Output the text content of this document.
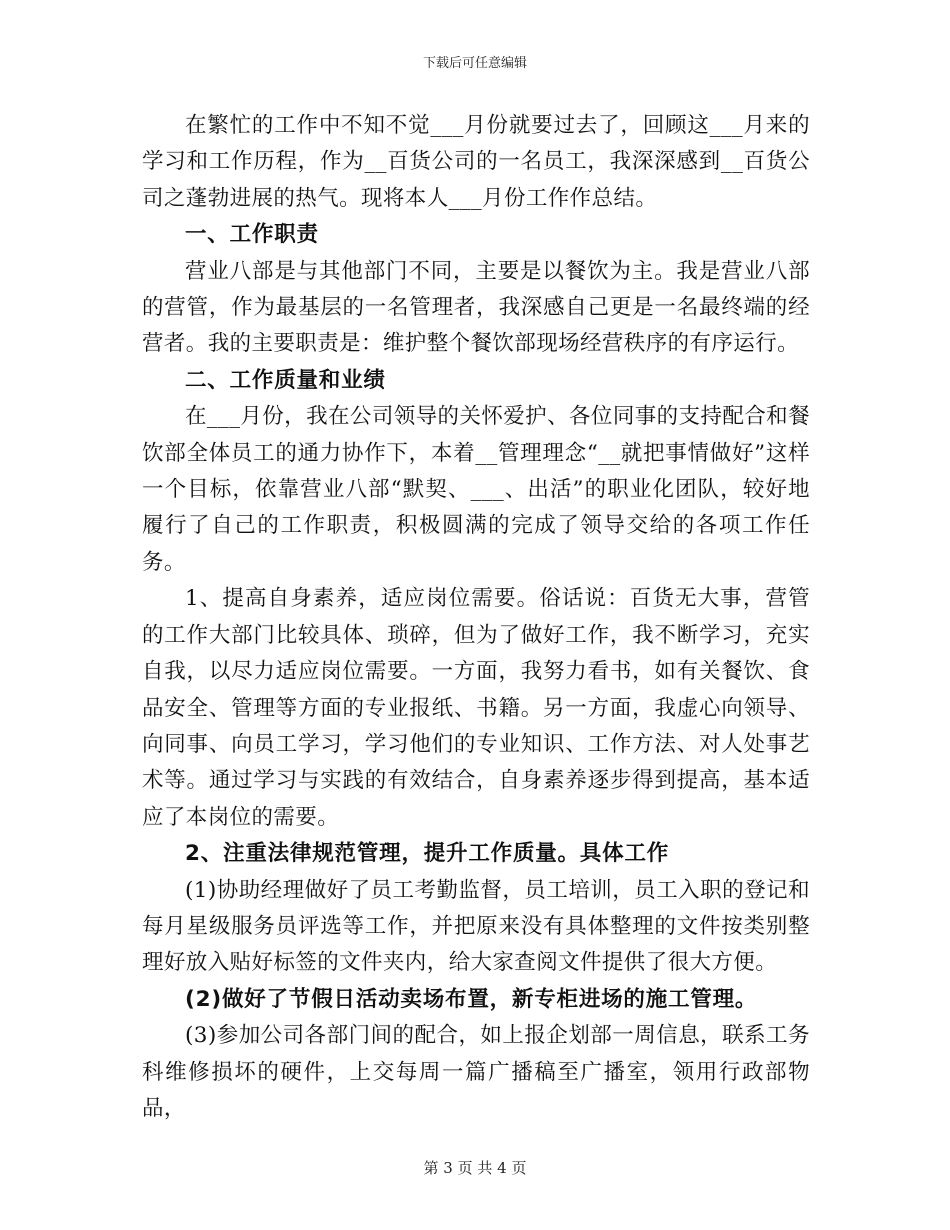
下载后可任意编辑

在繁忙的工作中不知不觉___月份就要过去了，回顾这___月来的学习和工作历程，作为__百货公司的一名员工，我深深感到__百货公司之蓬勃进展的热气。现将本人___月份工作作总结。

一、工作职责

营业八部是与其他部门不同，主要是以餐饮为主。我是营业八部的营管，作为最基层的一名管理者，我深感自己更是一名最终端的经营者。我的主要职责是：维护整个餐饮部现场经营秩序的有序运行。

二、工作质量和业绩

在___月份，我在公司领导的关怀爱护、各位同事的支持配合和餐饮部全体员工的通力协作下，本着__管理理念“__就把事情做好”这样一个目标，依靠营业八部“默契、___、出活”的职业化团队，较好地履行了自己的工作职责，积极圆满的完成了领导交给的各项工作任务。

1、提高自身素养，适应岗位需要。俗话说：百货无大事，营管的工作大部门比较具体、琐碎，但为了做好工作，我不断学习，充实自我，以尽力适应岗位需要。一方面，我努力看书，如有关餐饮、食品安全、管理等方面的专业报纸、书籍。另一方面，我虚心向领导、向同事、向员工学习，学习他们的专业知识、工作方法、对人处事艺术等。通过学习与实践的有效结合，自身素养逐步得到提高，基本适应了本岗位的需要。

2、注重法律规范管理，提升工作质量。具体工作

(1)协助经理做好了员工考勤监督，员工培训，员工入职的登记和每月星级服务员评选等工作，并把原来没有具体整理的文件按类别整理好放入贴好标签的文件夹内，给大家查阅文件提供了很大方便。

(2)做好了节假日活动卖场布置，新专柜进场的施工管理。

(3)参加公司各部门间的配合，如上报企划部一周信息，联系工务科维修损坏的硬件，上交每周一篇广播稿至广播室，领用行政部物品，

第 3 页 共 4 页
